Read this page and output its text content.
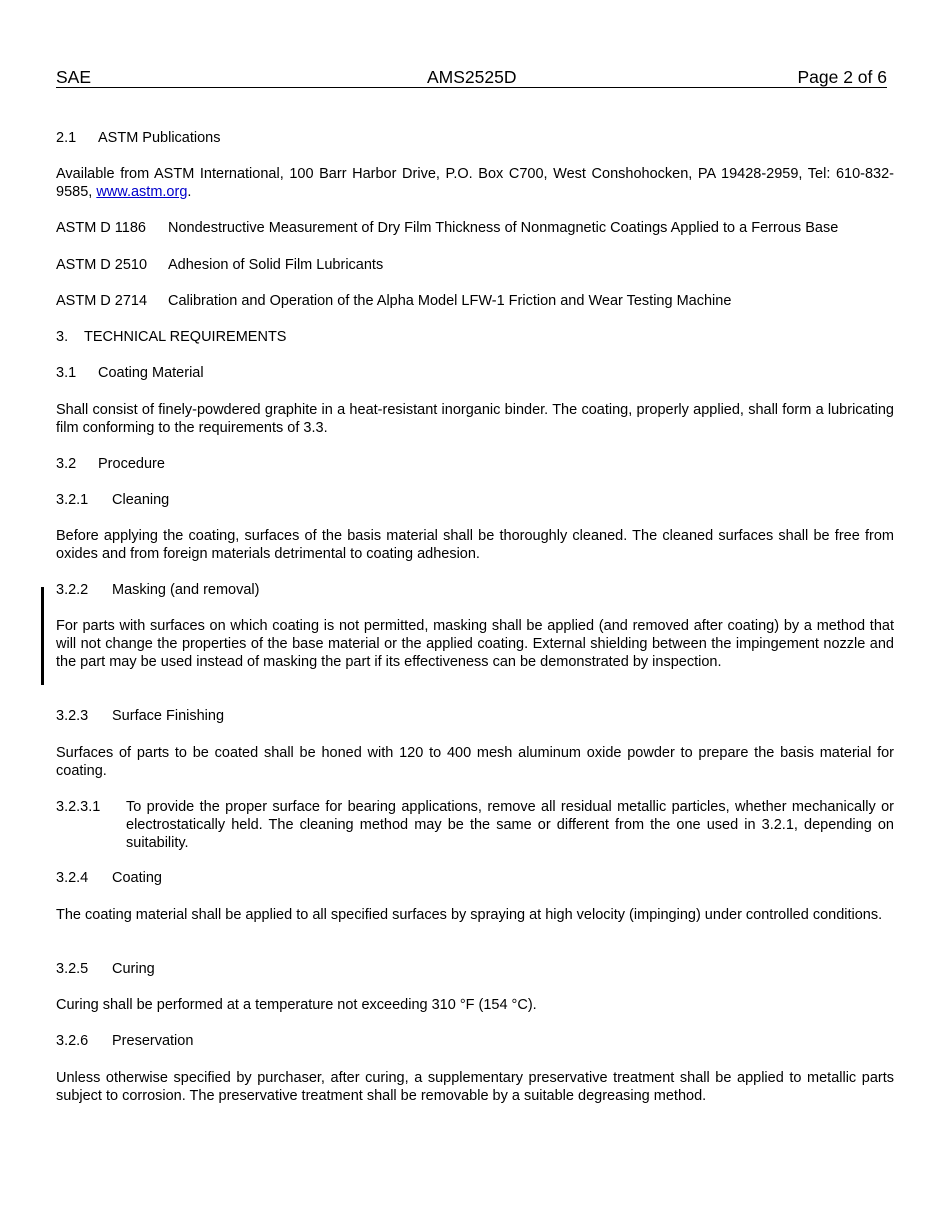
SAE	AMS2525D	Page 2 of 6
2.1 ASTM Publications

Available from ASTM International, 100 Barr Harbor Drive, P.O. Box C700, West Conshohocken, PA 19428-2959, Tel: 610-832-9585, www.astm.org.

ASTM D 1186 Nondestructive Measurement of Dry Film Thickness of Nonmagnetic Coatings Applied to a Ferrous Base
ASTM D 2510 Adhesion of Solid Film Lubricants
ASTM D 2714 Calibration and Operation of the Alpha Model LFW-1 Friction and Wear Testing Machine
3. TECHNICAL REQUIREMENTS
3.1 Coating Material

Shall consist of finely-powdered graphite in a heat-resistant inorganic binder. The coating, properly applied, shall form a lubricating film conforming to the requirements of 3.3.

3.2 Procedure
3.2.1 Cleaning

Before applying the coating, surfaces of the basis material shall be thoroughly cleaned. The cleaned surfaces shall be free from oxides and from foreign materials detrimental to coating adhesion.

3.2.2 Masking (and removal)

For parts with surfaces on which coating is not permitted, masking shall be applied (and removed after coating) by a method that will not change the properties of the base material or the applied coating. External shielding between the impingement nozzle and the part may be used instead of masking the part if its effectiveness can be demonstrated by inspection.

3.2.3 Surface Finishing

Surfaces of parts to be coated shall be honed with 120 to 400 mesh aluminum oxide powder to prepare the basis material for coating.

3.2.3.1 To provide the proper surface for bearing applications, remove all residual metallic particles, whether mechanically or electrostatically held. The cleaning method may be the same or different from the one used in 3.2.1, depending on suitability.
3.2.4 Coating

The coating material shall be applied to all specified surfaces by spraying at high velocity (impinging) under controlled conditions.

3.2.5 Curing

Curing shall be performed at a temperature not exceeding 310 °F (154 °C).

3.2.6 Preservation

Unless otherwise specified by purchaser, after curing, a supplementary preservative treatment shall be applied to metallic parts subject to corrosion. The preservative treatment shall be removable by a suitable degreasing method.
